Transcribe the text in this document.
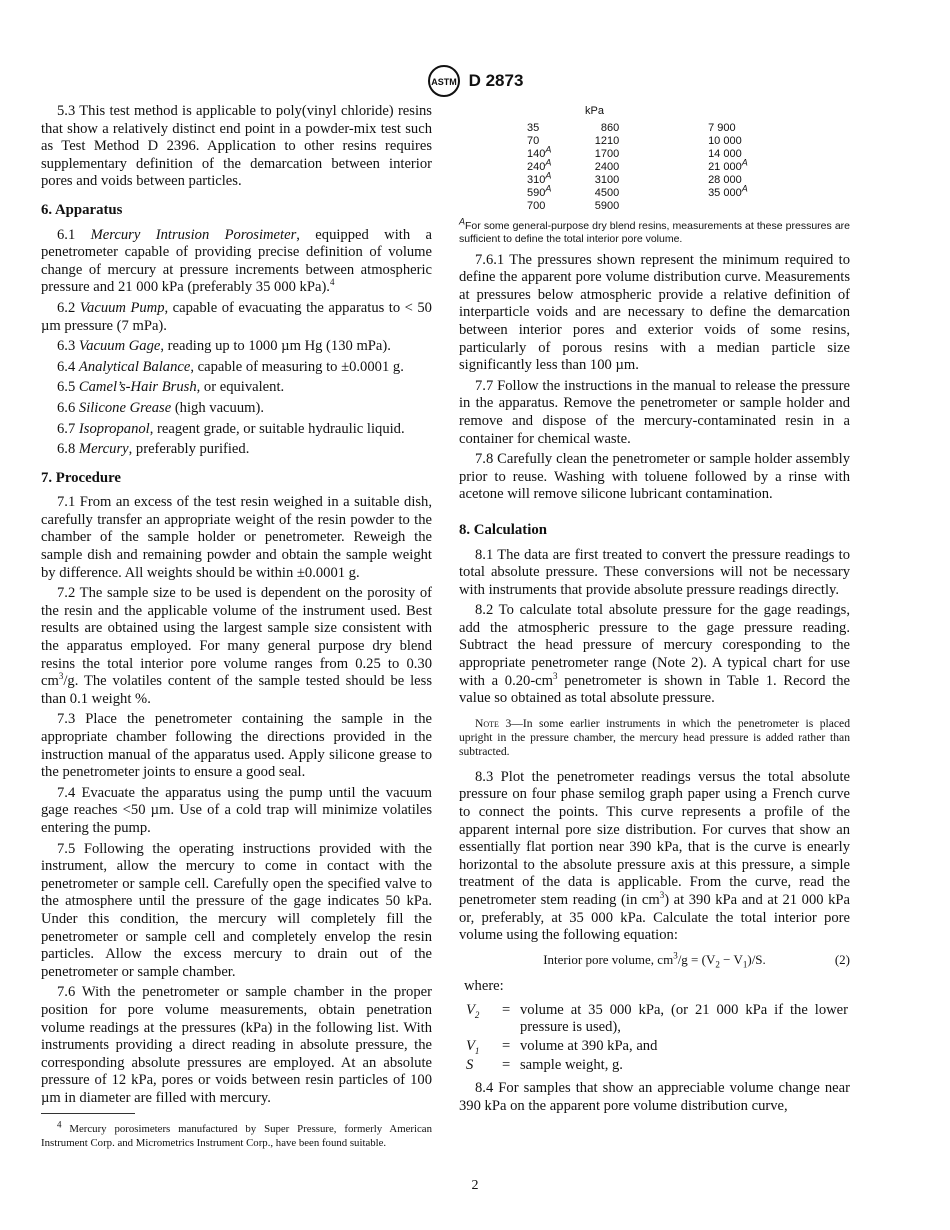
ASTM D 2873

5.3 This test method is applicable to poly(vinyl chloride) resins that show a relatively distinct end point in a powder-mix test such as Test Method D 2396. Application to other resins requires supplementary definition of the demarcation between interior pores and voids between particles.

6. Apparatus

6.1 Mercury Intrusion Porosimeter, equipped with a penetrometer capable of providing precise definition of volume change of mercury at pressure increments between atmospheric pressure and 21 000 kPa (preferably 35 000 kPa).$^4$

6.2 Vacuum Pump, capable of evacuating the apparatus to < 50 µm pressure (7 mPa).

6.3 Vacuum Gage, reading up to 1000 µm Hg (130 mPa).

6.4 Analytical Balance, capable of measuring to ±0.0001 g.

6.5 Camel’s-Hair Brush, or equivalent.

6.6 Silicone Grease (high vacuum).

6.7 Isopropanol, reagent grade, or suitable hydraulic liquid.

6.8 Mercury, preferably purified.

7. Procedure

7.1 From an excess of the test resin weighed in a suitable dish, carefully transfer an appropriate weight of the resin powder to the chamber of the sample holder or penetrometer. Reweigh the sample dish and remaining powder and obtain the sample weight by difference. All weights should be within ±0.0001 g.

7.2 The sample size to be used is dependent on the porosity of the resin and the applicable volume of the instrument used. Best results are obtained using the largest sample size consistent with the apparatus employed. For many general purpose dry blend resins the total interior pore volume ranges from 0.25 to 0.30 $cm^3/g$. The volatiles content of the sample tested should be less than 0.1 weight %.

7.3 Place the penetrometer containing the sample in the appropriate chamber following the directions provided in the instruction manual of the apparatus used. Apply silicone grease to the penetrometer joints to ensure a good seal.

7.4 Evacuate the apparatus using the pump until the vacuum gage reaches <50 µm. Use of a cold trap will minimize volatiles entering the pump.

7.5 Following the operating instructions provided with the instrument, allow the mercury to come in contact with the penetrometer or sample cell. Carefully open the specified valve to the atmosphere until the pressure of the gage indicates 50 kPa. Under this condition, the mercury will completely fill the penetrometer or sample cell and completely envelop the resin particles. Allow the excess mercury to drain out of the penetrometer or sample chamber.

7.6 With the penetrometer or sample chamber in the proper position for pore volume measurements, obtain penetration volume readings at the pressures (kPa) in the following list. With instruments providing a direct reading in absolute pressure, the corresponding absolute pressures are employed. At an absolute pressure of 12 kPa, pores or voids between resin particles of 100 µm in diameter are filled with mercury.

$^4$ Mercury porosimeters manufactured by Super Pressure, formerly American Instrument Corp. and Micrometrics Instrument Corp., have been found suitable.
kPa
35	860		7 900
70	1210		10 000
$140^A$	1700		14 000
$240^A$	2400		21 $000^A$
$310^A$	3100		28 000
$590^A$	4500		35 $000^A$
700	5900		
$^A$For some general-purpose dry blend resins, measurements at these pressures are sufficient to define the total interior pore volume.

7.6.1 The pressures shown represent the minimum required to define the apparent pore volume distribution curve. Measurements at pressures below atmospheric provide a relative definition of interparticle voids and are necessary to define the demarcation between interior pores and exterior voids of some resins, particularly of porous resins with a median particle size significantly less than 100 µm.

7.7 Follow the instructions in the manual to release the pressure in the apparatus. Remove the penetrometer or sample holder and remove and dispose of the mercury-contaminated resin in a container for chemical waste.

7.8 Carefully clean the penetrometer or sample holder assembly prior to reuse. Washing with toluene followed by a rinse with acetone will remove silicone lubricant contamination.

8. Calculation

8.1 The data are first treated to convert the pressure readings to total absolute pressure. These conversions will not be necessary with instruments that provide absolute pressure readings directly.

8.2 To calculate total absolute pressure for the gage readings, add the atmospheric pressure to the gage pressure reading. Subtract the head pressure of mercury coresponding to the appropriate penetrometer range (Note 2). A typical chart for use with a $0.20-cm^3$ penetrometer is shown in Table 1. Record the value so obtained as total absolute pressure.

Note 3—In some earlier instruments in which the penetrometer is placed upright in the pressure chamber, the mercury head pressure is added rather than subtracted.

8.3 Plot the penetrometer readings versus the total absolute pressure on four phase semilog graph paper using a French curve to connect the points. This curve represents a profile of the apparent internal pore size distribution. For curves that show an essentially flat portion near 390 kPa, that is the curve is enearly horizontal to the absolute pressure axis at this pressure, a simple treatment of the data is applicable. From the curve, read the penetrometer stem reading (in $cm^3$) at 390 kPa and at 21 000 kPa or, preferably, at 35 000 kPa. Calculate the total interior pore volume using the following equation:

Interior pore volume, $cm^3/g = (V_2 - V_1)/S$.	(2)
where:
$V_2$	=	volume at 35 000 kPa, (or 21 000 kPa if the lower pressure is used),
$V_1$	=	volume at 390 kPa, and
S	=	sample weight, g.

8.4 For samples that show an appreciable volume change near 390 kPa on the apparent pore volume distribution curve,

2
